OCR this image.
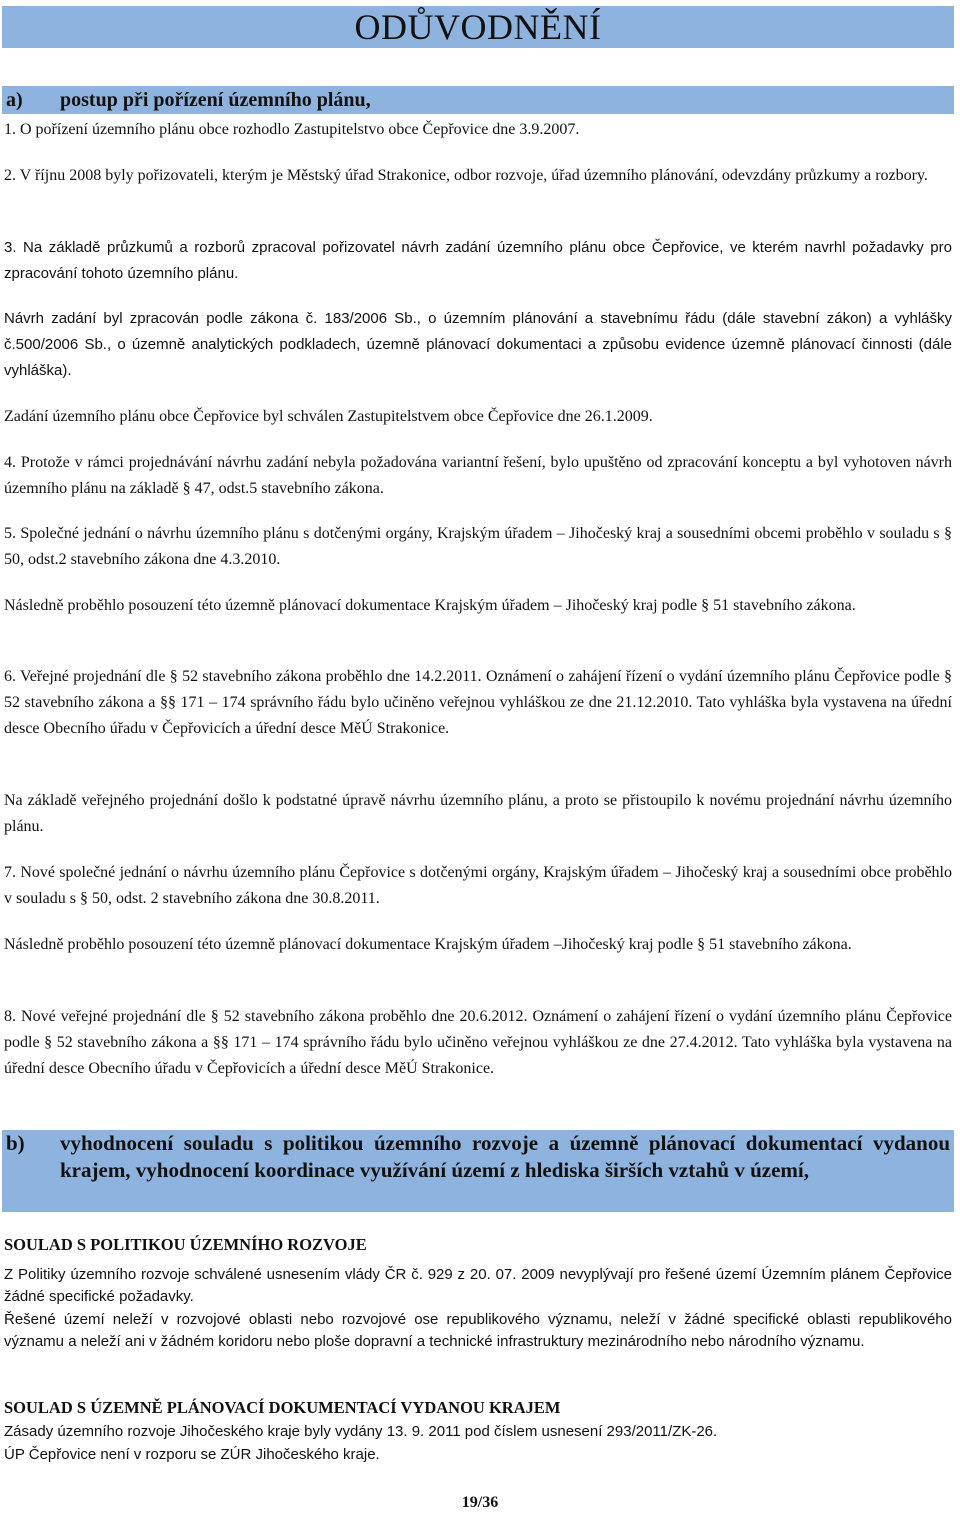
ODŮVODNĚNÍ
a) postup při pořízení územního plánu,

1. O pořízení územního plánu obce rozhodlo Zastupitelstvo obce Čepřovice dne 3.9.2007.

2. V říjnu 2008 byly pořizovateli, kterým je Městský úřad Strakonice, odbor rozvoje, úřad územního plánování, odevzdány průzkumy a rozbory.

3. Na základě průzkumů a rozborů zpracoval pořizovatel návrh zadání územního plánu obce Čepřovice, ve kterém navrhl požadavky pro zpracování tohoto územního plánu.

Návrh zadání byl zpracován podle zákona č. 183/2006 Sb., o územním plánování a stavebnímu řádu (dále stavební zákon) a vyhlášky č.500/2006 Sb., o územně analytických podkladech, územně plánovací dokumentaci a způsobu evidence územně plánovací činnosti (dále vyhláška).

Zadání územního plánu obce Čepřovice byl schválen Zastupitelstvem obce Čepřovice dne 26.1.2009.

4. Protože v rámci projednávání návrhu zadání nebyla požadována variantní řešení, bylo upuštěno od zpracování konceptu a byl vyhotoven návrh územního plánu na základě § 47, odst.5 stavebního zákona.

5. Společné jednání o návrhu územního plánu s dotčenými orgány, Krajským úřadem – Jihočeský kraj a sousedními obcemi proběhlo v souladu s § 50, odst.2 stavebního zákona dne 4.3.2010.

Následně proběhlo posouzení této územně plánovací dokumentace Krajským úřadem – Jihočeský kraj podle § 51 stavebního zákona.

6. Veřejné projednání dle § 52 stavebního zákona proběhlo dne 14.2.2011. Oznámení o zahájení řízení o vydání územního plánu Čepřovice podle § 52 stavebního zákona a §§ 171 – 174 správního řádu bylo učiněno veřejnou vyhláškou ze dne 21.12.2010. Tato vyhláška byla vystavena na úřední desce Obecního úřadu v Čepřovicích a úřední desce MěÚ Strakonice.

Na základě veřejného projednání došlo k podstatné úpravě návrhu územního plánu, a proto se přistoupilo k novému projednání návrhu územního plánu.

7. Nové společné jednání o návrhu územního plánu Čepřovice s dotčenými orgány, Krajským úřadem – Jihočeský kraj a sousedními obce proběhlo v souladu s § 50, odst. 2 stavebního zákona dne 30.8.2011.

Následně proběhlo posouzení této územně plánovací dokumentace Krajským úřadem –Jihočeský kraj podle § 51 stavebního zákona.

8. Nové veřejné projednání dle § 52 stavebního zákona proběhlo dne 20.6.2012. Oznámení o zahájení řízení o vydání územního plánu Čepřovice podle § 52 stavebního zákona a §§ 171 – 174 správního řádu bylo učiněno veřejnou vyhláškou ze dne 27.4.2012. Tato vyhláška byla vystavena na úřední desce Obecního úřadu v Čepřovicích a úřední desce MěÚ Strakonice.

b) vyhodnocení souladu s politikou územního rozvoje a územně plánovací dokumentací vydanou krajem, vyhodnocení koordinace využívání území z hlediska širších vztahů v území,

SOULAD S POLITIKOU ÚZEMNÍHO ROZVOJE

Z Politiky územního rozvoje schválené usnesením vlády ČR č. 929 z 20. 07. 2009 nevyplývají pro řešené území Územním plánem Čepřovice žádné specifické požadavky.

Řešené území neleží v rozvojové oblasti nebo rozvojové ose republikového významu, neleží v žádné specifické oblasti republikového významu a neleží ani v žádném koridoru nebo ploše dopravní a technické infrastruktury mezinárodního nebo národního významu.

SOULAD S ÚZEMNĚ PLÁNOVACÍ DOKUMENTACÍ VYDANOU KRAJEM

Zásady územního rozvoje Jihočeského kraje byly vydány 13. 9. 2011 pod číslem usnesení 293/2011/ZK-26.

ÚP Čepřovice není v rozporu se ZÚR Jihočeského kraje.

19/36
